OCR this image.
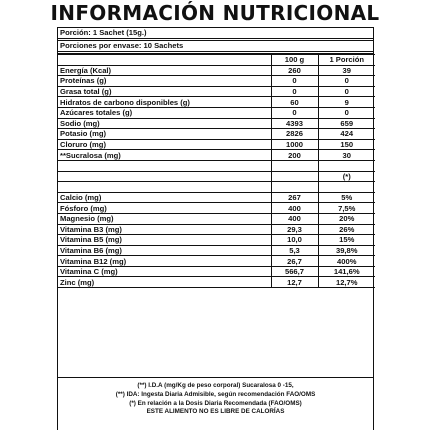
INFORMACIÓN NUTRICIONAL
Porción: 1 Sachet (15g.)
Porciones por envase: 10 Sachets
	100 g	1 Porción
Energía (Kcal)	260	39
Proteínas (g)	0	0
Grasa total (g)	0	0
Hidratos de carbono disponibles (g)	60	9
Azúcares totales (g)	0	0
Sodio (mg)	4393	659
Potasio (mg)	2826	424
Cloruro (mg)	1000	150
**Sucralosa (mg)	200	30

		(*)

Calcio (mg)	267	5%
Fósforo (mg)	400	7,5%
Magnesio (mg)	400	20%
Vitamina B3 (mg)	29,3	26%
Vitamina B5 (mg)	10,0	15%
Vitamina B6 (mg)	5,3	39,8%
Vitamina B12 (mg)	26,7	400%
Vitamina C (mg)	566,7	141,6%
Zinc (mg)	12,7	12,7%
(**) I.D.A (mg/Kg de peso corporal) Sucaralosa 0 -15,
(**) IDA: Ingesta Diaria Admisible, según recomendación FAO/OMS
(*) En relación a la Dosis Diaria Recomendada (FAO/OMS)
ESTE ALIMENTO NO ES LIBRE DE CALORÍAS
